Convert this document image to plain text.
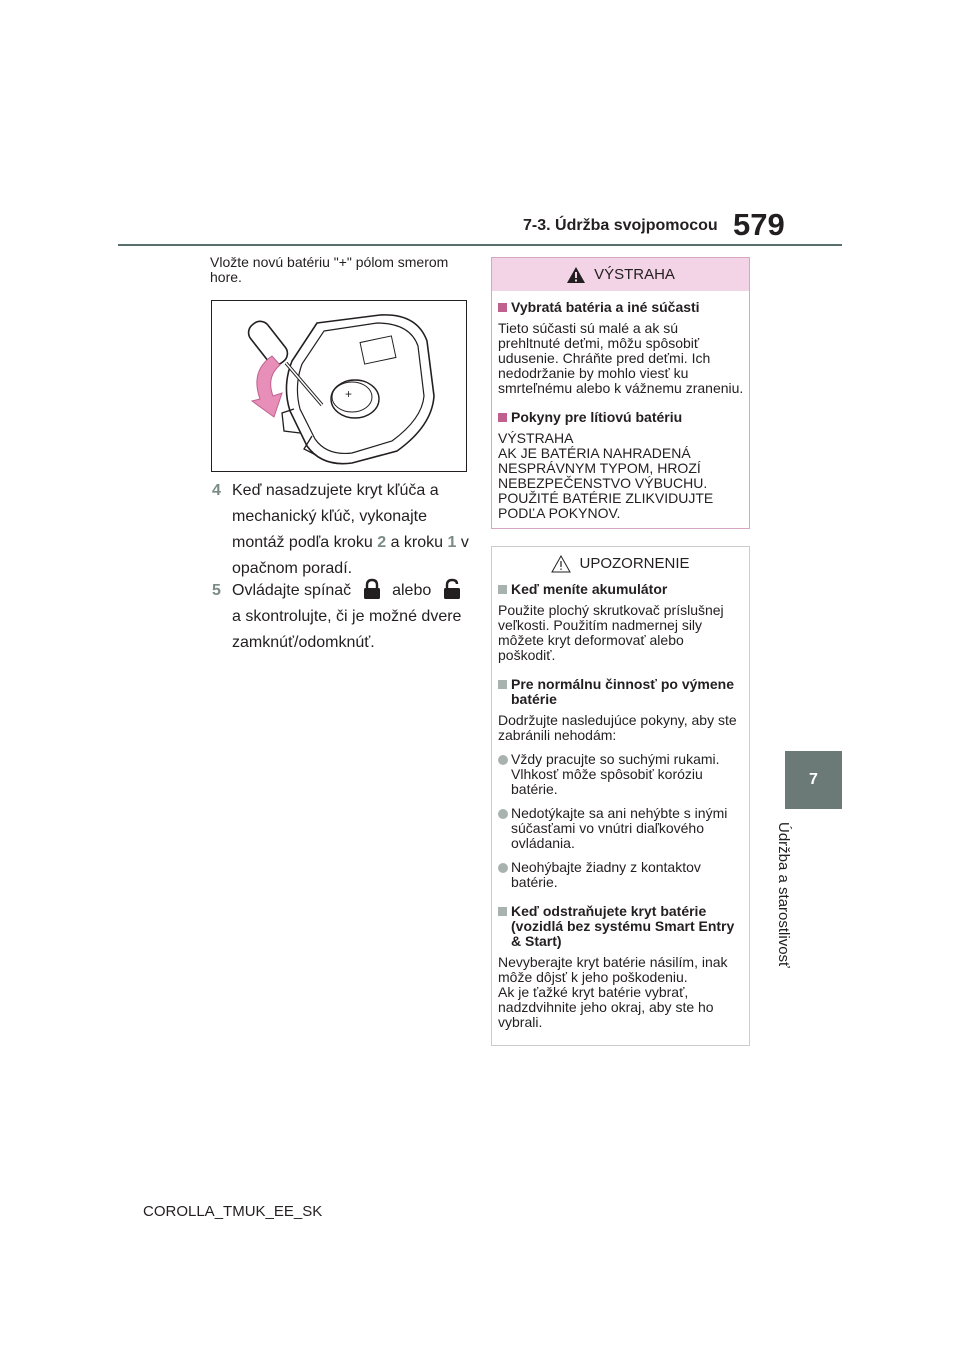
7-3. Údržba svojpomocou 579
7
Údržba a starostlivosť
Vložte novú batériu "+" pólom smerom hore.
+
4 Keď nasadzujete kryt kľúča a mechanický kľúč, vykonajte montáž podľa kroku 2 a kroku 1 v opačnom poradí.
5 Ovládajte spínač	alebo  a skontrolujte, či je možné dvere zamknúť/odomknúť.
VÝSTRAHA
Vybratá batéria a iné súčasti
Tieto súčasti sú malé a ak sú prehltnuté deťmi, môžu spôsobiť udusenie. Chráňte pred deťmi. Ich nedodržanie by mohlo viesť ku smrteľnému alebo k vážnemu zraneniu.
Pokyny pre lítiovú batériu
VÝSTRAHA
AK JE BATÉRIA NAHRADENÁ
NESPRÁVNYM TYPOM, HROZÍ
NEBEZPEČENSTVO VÝBUCHU.
POUŽITÉ BATÉRIE ZLIKVIDUJTE
PODĽA POKYNOV.
UPOZORNENIE
Keď meníte akumulátor
Použite plochý skrutkovač príslušnej veľkosti. Použitím nadmernej sily môžete kryt deformovať alebo poškodiť.
Pre normálnu činnosť po výmene batérie
Dodržujte nasledujúce pokyny, aby ste zabránili nehodám:
Vždy pracujte so suchými rukami. Vlhkosť môže spôsobiť koróziu batérie.
Nedotýkajte sa ani nehýbte s inými súčasťami vo vnútri diaľkového ovládania.
Neohýbajte žiadny z kontaktov batérie.
Keď odstraňujete kryt batérie (vozidlá bez systému Smart Entry & Start)
Nevyberajte kryt batérie násilím, inak môže dôjsť k jeho poškodeniu.
Ak je ťažké kryt batérie vybrať, nadzdvihnite jeho okraj, aby ste ho vybrali.
COROLLA_TMUK_EE_SK
